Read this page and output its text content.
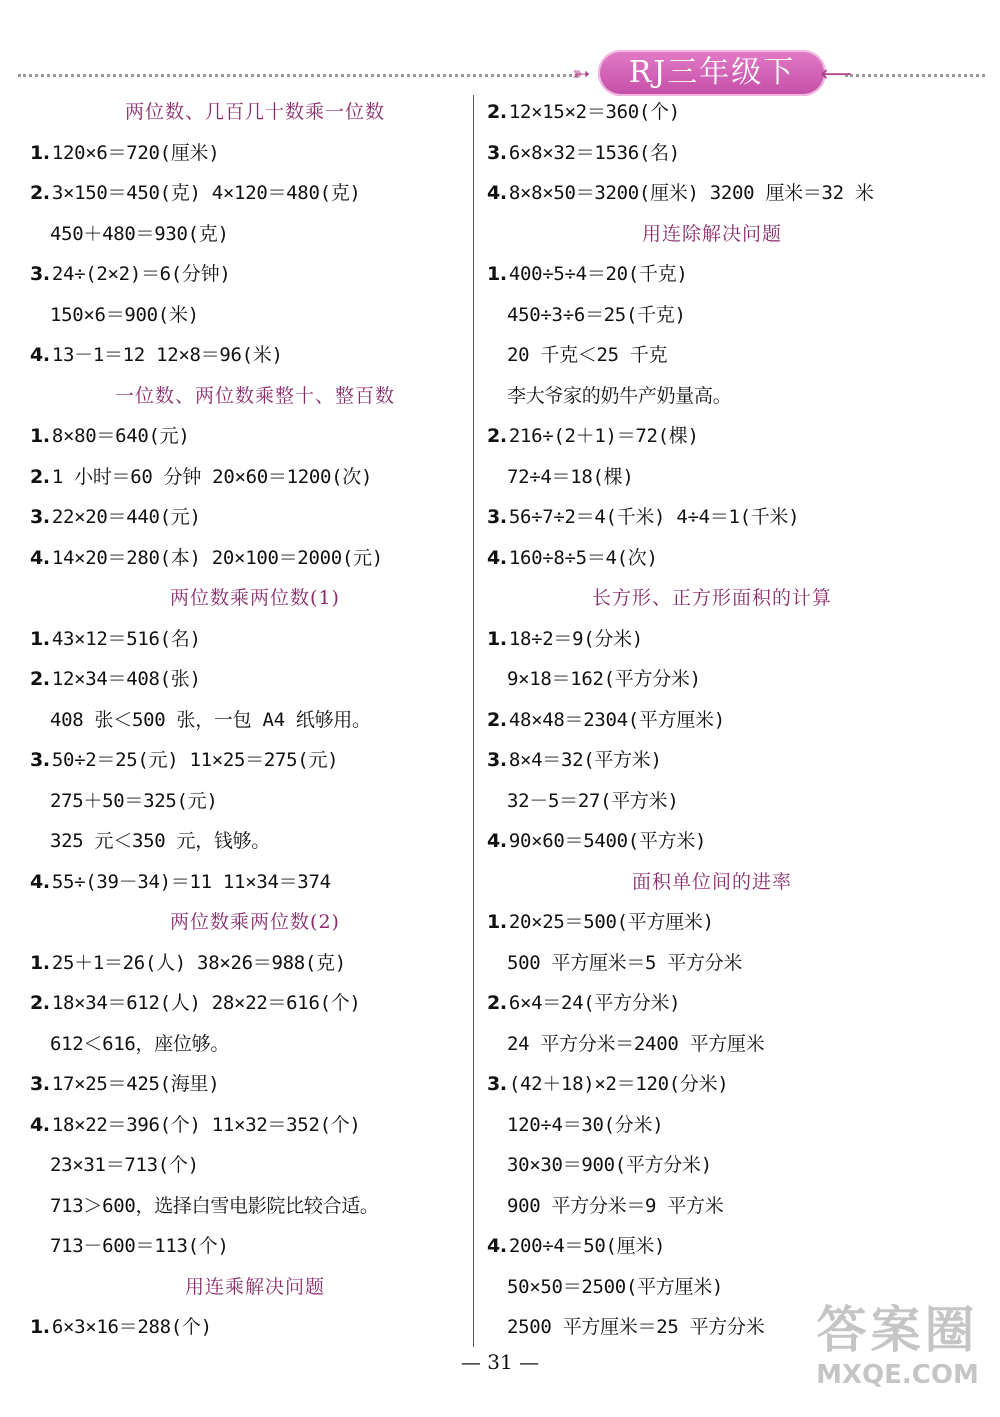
➳	RJ三年级下	⟵
两位数、几百几十数乘一位数
1. 120×6＝720(厘米)
2. 3×150＝450(克) 4×120＝480(克)
450＋480＝930(克)
3. 24÷(2×2)＝6(分钟)
150×6＝900(米)
4. 13－1＝12 12×8＝96(米)
一位数、两位数乘整十、整百数
1. 8×80＝640(元)
2. 1 小时＝60 分钟 20×60＝1200(次)
3. 22×20＝440(元)
4. 14×20＝280(本) 20×100＝2000(元)
两位数乘两位数(1)
1. 43×12＝516(名)
2. 12×34＝408(张)
408 张＜500 张，一包 A4 纸够用。
3. 50÷2＝25(元) 11×25＝275(元)
275＋50＝325(元)
325 元＜350 元，钱够。
4. 55÷(39－34)＝11 11×34＝374
两位数乘两位数(2)
1. 25＋1＝26(人) 38×26＝988(克)
2. 18×34＝612(人) 28×22＝616(个)
612＜616，座位够。
3. 17×25＝425(海里)
4. 18×22＝396(个) 11×32＝352(个)
23×31＝713(个)
713＞600，选择白雪电影院比较合适。
713－600＝113(个)
用连乘解决问题
1. 6×3×16＝288(个)
2. 12×15×2＝360(个)
3. 6×8×32＝1536(名)
4. 8×8×50＝3200(厘米) 3200 厘米＝32 米
用连除解决问题
1. 400÷5÷4＝20(千克)
450÷3÷6＝25(千克)
20 千克＜25 千克
李大爷家的奶牛产奶量高。
2. 216÷(2＋1)＝72(棵)
72÷4＝18(棵)
3. 56÷7÷2＝4(千米) 4÷4＝1(千米)
4. 160÷8÷5＝4(次)
长方形、正方形面积的计算
1. 18÷2＝9(分米)
9×18＝162(平方分米)
2. 48×48＝2304(平方厘米)
3. 8×4＝32(平方米)
32－5＝27(平方米)
4. 90×60＝5400(平方米)
面积单位间的进率
1. 20×25＝500(平方厘米)
500 平方厘米＝5 平方分米
2. 6×4＝24(平方分米)
24 平方分米＝2400 平方厘米
3. (42＋18)×2＝120(分米)
120÷4＝30(分米)
30×30＝900(平方分米)
900 平方分米＝9 平方米
4. 200÷4＝50(厘米)
50×50＝2500(平方厘米)
2500 平方厘米＝25 平方分米
— 31 —
答案圈
MXQE.COM
